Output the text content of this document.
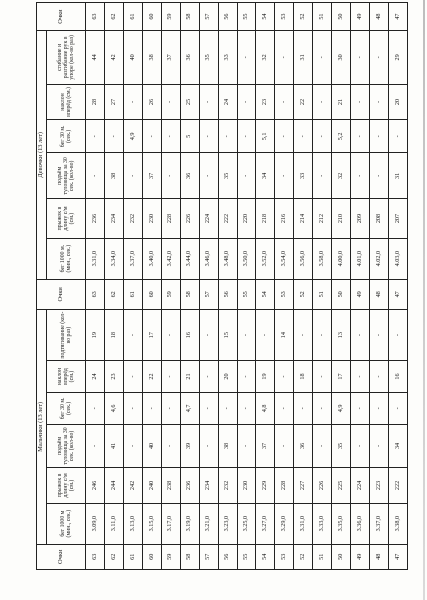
Очки	Мальчики (13 лет)						Очки	Девочки (13 лет)						Очки

	бег 1000 м (мин., сек.)	прыжок в длину с/м (см.)	подъём туловища за 30 сек. (кол-во)	бег 30 м. (сек.)	наклон вперёд (см.)	подтягивание (кол-во раз)		бег 1000 м. (мин., сек.)	прыжок в длину с/м (см.)	подъём туловища за 30 сек. (кол-во)	бег 30 м. (сек.)	наклон вперёд (см.)	сгибание и разгибание рук в упоре (кол-во раз)	
63	3.09,0	246	-	-	24	19	63	3.31,0	236	-	-	28	44	63
62	3.11,0	244	41	4,6	23	18	62	3.34,0	234	38	-	27	42	62
61	3.13,0	242	-	-	-	-	61	3.37,0	232	-	4,9	-	40	61
60	3.15,0	240	40	-	22	17	60	3.40,0	230	37	-	26	38	60
59	3.17,0	238	-	-	-	-	59	3.42,0	228	-	-	-	37	59
58	3.19,0	236	39	4,7	21	16	58	3.44,0	226	36	5	25	36	58
57	3.21,0	234	-	-	-	-	57	3.46,0	224	-	-	-	35	57
56	3.23,0	232	38	-	20	15	56	3.48,0	222	35	-	24	33	56
55	3.25,0	230	-	-	-	-	55	3.50,0	220	-	-	-	-	55
54	3.27,0	229	37	4,8	19	-	54	3.52,0	218	34	5,1	23	32	54
53	3.29,0	228	-	-	-	14	53	3.54,0	216	-	-	-	-	53
52	3.31,0	227	36	-	18	-	52	3.56,0	214	33	-	22	31	52
51	3.33,0	226	-	-	-	-	51	3.58,0	212	-	-	-	-	51
50	3.35,0	225	35	4,9	17	13	50	4.00,0	210	32	5,2	21	30	50
49	3.36,0	224	-	-	-	-	49	4.01,0	209	-	-	-	-	49
48	3.37,0	223	-	-	-	-	48	4.02,0	208	-	-	-	-	48
47	3.38,0	222	34	-	16	-	47	4.03,0	207	31	-	20	29	47
